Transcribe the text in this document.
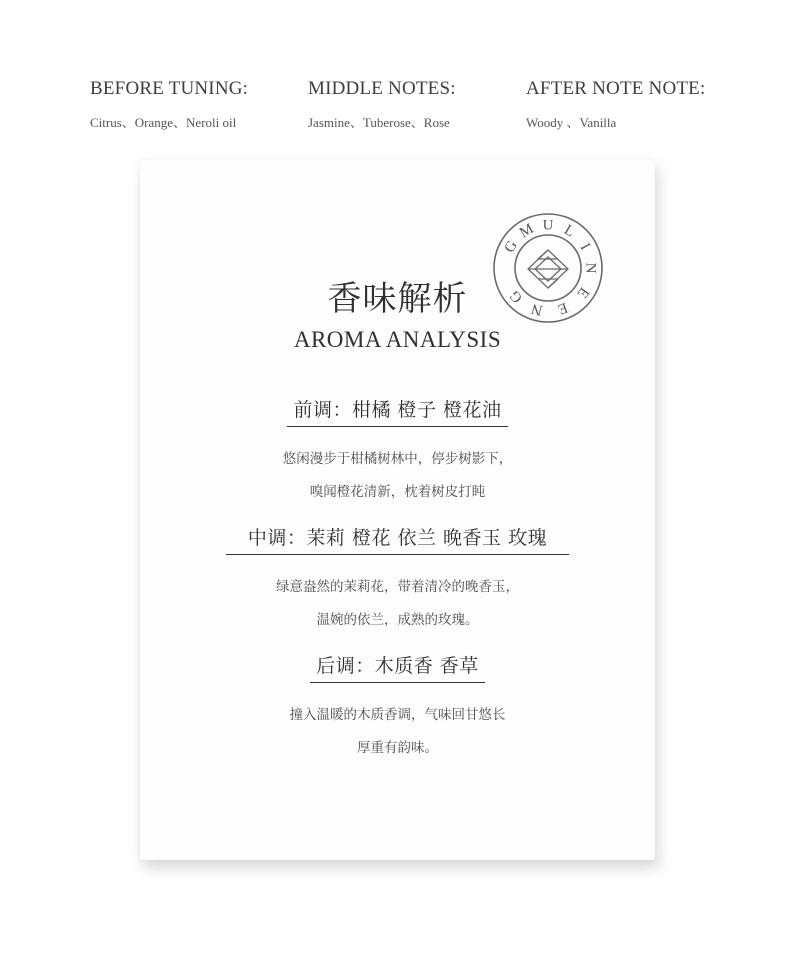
BEFORE TUNING:
Citrus、Orange、Neroli oil
MIDDLE NOTES:
Jasmine、Tuberose、Rose
AFTER NOTE NOTE:
Woody 、Vanilla
G
M U L
I
N
E
E
N
G
香味解析
AROMA ANALYSIS
前调：柑橘 橙子 橙花油
悠闲漫步于柑橘树林中，停步树影下，
嗅闻橙花清新，枕着树皮打盹
中调：茉莉 橙花 依兰 晚香玉 玫瑰
绿意盎然的茉莉花，带着清冷的晚香玉，
温婉的依兰，成熟的玫瑰。
后调：木质香 香草
撞入温暖的木质香调，气味回甘悠长
厚重有韵味。
